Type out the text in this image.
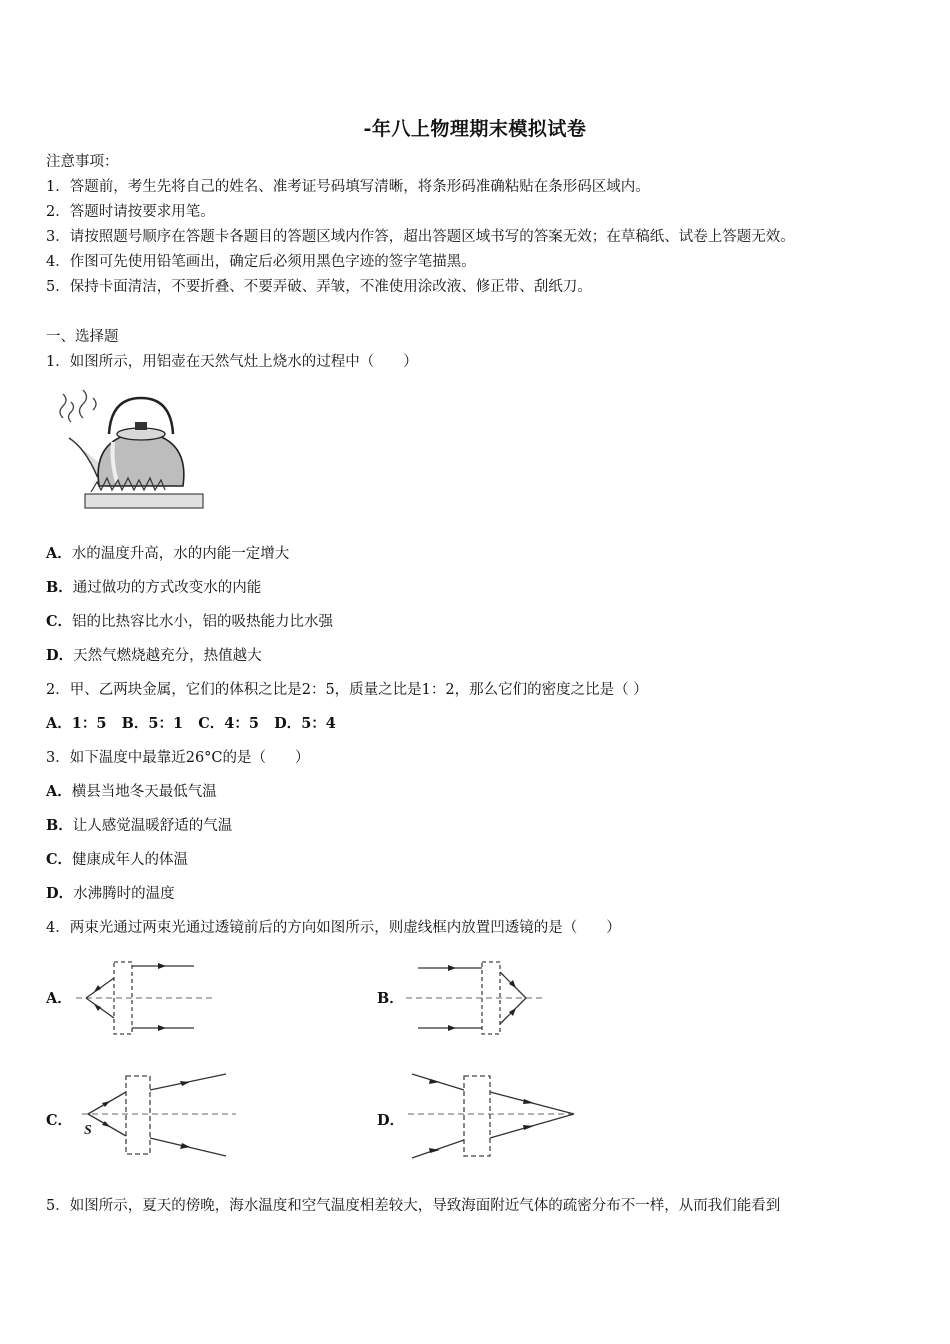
-年八上物理期末模拟试卷
注意事项：
1．答题前，考生先将自己的姓名、准考证号码填写清晰，将条形码准确粘贴在条形码区域内。
2．答题时请按要求用笔。
3．请按照题号顺序在答题卡各题目的答题区域内作答，超出答题区域书写的答案无效；在草稿纸、试卷上答题无效。
4．作图可先使用铅笔画出，确定后必须用黑色字迹的签字笔描黑。
5．保持卡面清洁，不要折叠、不要弄破、弄皱，不准使用涂改液、修正带、刮纸刀。
一、选择题
1．如图所示，用铝壶在天然气灶上烧水的过程中（　　）
A．水的温度升高，水的内能一定增大
B．通过做功的方式改变水的内能
C．铝的比热容比水小，铝的吸热能力比水强
D．天然气燃烧越充分，热值越大
2．甲、乙两块金属，它们的体积之比是2：5，质量之比是1：2，那么它们的密度之比是（ ）
A．1：5 B．5：1 C．4：5 D．5：4
3．如下温度中最靠近26°C的是（　　）
A．横县当地冬天最低气温
B．让人感觉温暖舒适的气温
C．健康成年人的体温
D．水沸腾时的温度
4．两束光通过两束光通过透镜前后的方向如图所示，则虚线框内放置凹透镜的是（　　）
A．	B．
C．
S
D．
5．如图所示，夏天的傍晚，海水温度和空气温度相差较大，导致海面附近气体的疏密分布不一样，从而我们能看到
